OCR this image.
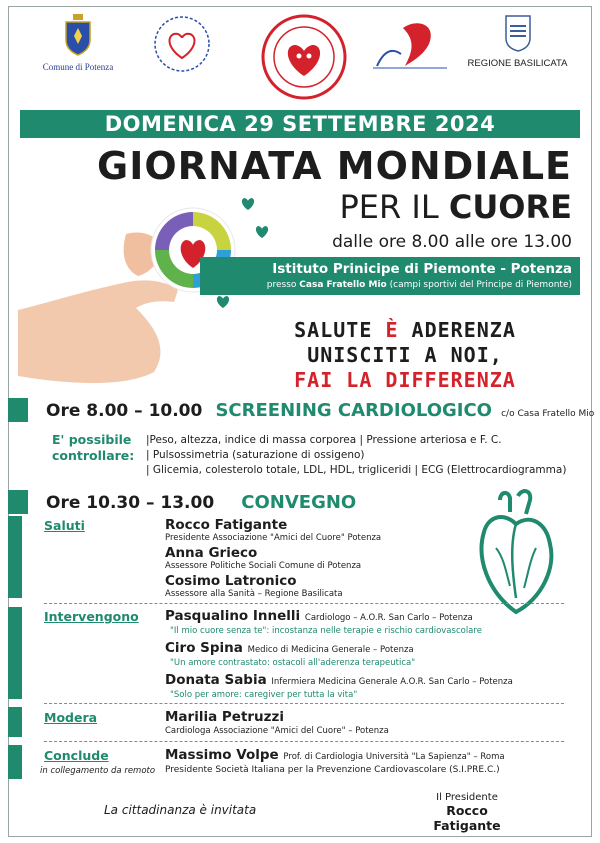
Comune di Potenza	REGIONE BASILICATA
DOMENICA 29 SETTEMBRE 2024
GIORNATA MONDIALE
PER IL CUORE
dalle ore 8.00 alle ore 13.00
Istituto Prinicipe di Piemonte - Potenza
presso Casa Fratello Mio (campi sportivi del Principe di Piemonte)
SALUTE È ADERENZA
UNISCITI A NOI,
FAI LA DIFFERENZA
Ore 8.00 – 10.00 SCREENING CARDIOLOGICO c/o Casa Fratello Mio
E' possibile controllare:
|Peso, altezza, indice di massa corporea | Pressione arteriosa e F. C.
| Pulsossimetria (saturazione di ossigeno)
| Glicemia, colesterolo totale, LDL, HDL, trigliceridi | ECG (Elettrocardiogramma)
Ore 10.30 – 13.00 CONVEGNO
Saluti	Rocco Fatigante
Presidente Associazione "Amici del Cuore" Potenza
Anna Grieco
Assessore Politiche Sociali Comune di Potenza
Cosimo Latronico
Assessore alla Sanità – Regione Basilicata
Intervengono Pasqualino Innelli Cardiologo – A.O.R. San Carlo – Potenza
"Il mio cuore senza te": incostanza nelle terapie e rischio cardiovascolare
Ciro Spina Medico di Medicina Generale – Potenza
"Un amore contrastato: ostacoli all'aderenza terapeutica"
Donata Sabia Infermiera Medicina Generale A.O.R. San Carlo – Potenza
"Solo per amore: caregiver per tutta la vita"
Modera	Marilia Petruzzi
Cardiologa Associazione "Amici del Cuore" – Potenza
Conclude
in collegamento da remoto
Massimo Volpe Prof. di Cardiologia Università "La Sapienza" – Roma
Presidente Società Italiana per la Prevenzione Cardiovascolare (S.I.PRE.C.)
La cittadinanza è invitata
Il Presidente
Rocco Fatigante
